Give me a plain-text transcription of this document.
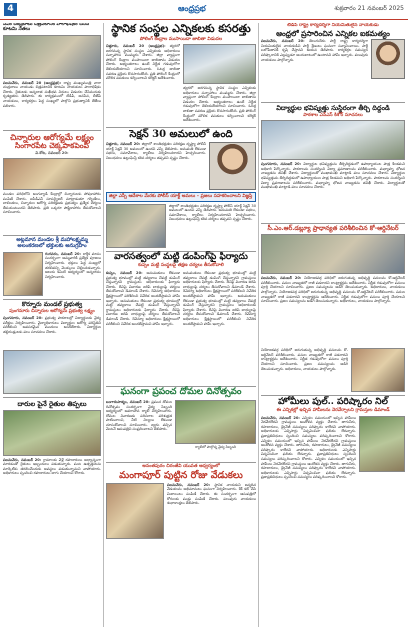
4	ఆంధ్రప్రభ	శుక్రవారం 21 నవంబర్ 2025
సీఎం చంద్రబాబు చిత్రపటానికి పాలాభిషేకం చేసిన కూటమి నేతలు
పలమనేరు, నవంబర్ 20 (ఆంధ్రప్రభ): రాష్ట్ర ముఖ్యమంత్రి నారా చంద్రబాబు నాయుడు చిత్రపటానికి కూటమి నాయకులు పాలాభిషేకం చేశారు. రైతులకు అన్నదాత సుఖీభవ నిధులు విడుదల చేసినందుకు కృతజ్ఞతలు తెలిపారు. ఈ కార్యక్రమంలో టీడీపీ, జనసేన, బీజేపీ నాయకులు, కార్యకర్తలు పెద్ద సంఖ్యలో పాల్గొని ప్రభుత్వానికి జేజేలు పలికారు.
చిన్నారుల ఆరోగ్యమే లక్ష్యం
సింగారపేట చెక్కపాకపెంపి
వి.కోట, నవంబర్ 20:
మండల పరిధిలోని అంగన్వాడీ కేంద్రాల్లో చిన్నారులకు పోషకాహారం పంపిణీ చేశారు. ఐసీడీఎస్ సూపర్వైజర్ మాట్లాడుతూ గర్భిణీలు, బాలింతలు, చిన్నారుల ఆరోగ్య పరిరక్షణకు ప్రభుత్వం ప్రత్యేక చర్యలు తీసుకుంటుందని తెలిపారు. ప్రతి ఒక్కరూ పౌష్టికాహారం తీసుకోవాలని సూచించారు.
అట్లమాన మండల శ్రీ మహాలక్ష్మమ్మ అలంకరణలో భక్తులకు అనుగ్రహం
గంగవరం, నవంబర్ 20: కార్తీక మాసం సందర్భంగా అమ్మవారికి ప్రత్యేక పూజలు నిర్వహించారు. భక్తులు పెద్ద సంఖ్యలో తరలివచ్చి మొక్కులు చెల్లించుకున్నారు. ఆలయ కమిటీ ఆధ్వర్యంలో అన్నదానం నిర్వహించారు.
కొర్నూరు మండల్ ప్రభుత్వ
పుంగనూరు చిన్నారుల ఆరోగ్యమే ప్రభుత్వ లక్ష్యం
పుంగనూరు, నవంబర్ 20: ప్రభుత్వ పాఠశాలల్లో విద్యార్థులకు వైద్య పరీక్షలు నిర్వహించారు. వైద్యాధికారులు విద్యార్థుల ఆరోగ్య పరిస్థితిని పరిశీలించి అవసరమైన మందులు అందజేశారు. విద్యార్థుల తల్లిదండ్రులకు పలు సూచనలు చేశారు.
దారుల పైనే రైతుల తిప్పలు
పలమనేరు, నవంబర్ 20: గ్రామాలకు వెళ్లే రహదారులు అధ్వాన్నంగా మారడంతో రైతులు ఇబ్బందులు పడుతున్నారు. పంట ఉత్పత్తులను మార్కెట్‌కు తరలించేందుకు అవస్థలు పడుతున్నామని వాపోయారు. అధికారులు స్పందించి రహదారులు బాగు చేయాలని కోరారు.
స్థానిక సంస్థల ఎన్నికలకు కసరత్తు
పోలింగ్ కేంద్రాల ముసాయిదా జాబితా విడుదల
చిత్తూరు, నవంబర్ 20 (ఆంధ్రప్రభ): త్వరలో జరగనున్న స్థానిక సంస్థల ఎన్నికలకు అధికారులు సన్నాహాలు ముమ్మరం చేశారు. జిల్లా వ్యాప్తంగా పోలింగ్ కేంద్రాల ముసాయిదా జాబితాను విడుదల చేశారు. అభ్యంతరాలు ఉంటే నిర్ణీత గడువులోగా తెలియజేయాలని సూచించారు. ఓటర్ల జాబితా సవరణ ప్రక్రియ కొనసాగుతోంది. ప్రతి పోలింగ్ కేంద్రంలో మౌలిక వసతులు కల్పించాలని కలెక్టర్ ఆదేశించారు.
త్వరలో జరగనున్న స్థానిక సంస్థల ఎన్నికలకు అధికారులు సన్నాహాలు ముమ్మరం చేశారు. జిల్లా వ్యాప్తంగా పోలింగ్ కేంద్రాల ముసాయిదా జాబితాను విడుదల చేశారు. అభ్యంతరాలు ఉంటే నిర్ణీత గడువులోగా తెలియజేయాలని సూచించారు. ఓటర్ల జాబితా సవరణ ప్రక్రియ కొనసాగుతోంది. ప్రతి పోలింగ్ కేంద్రంలో మౌలిక వసతులు కల్పించాలని కలెక్టర్ ఆదేశించారు.
సెక్షన్ 30 అమలులో ఉంది
చిత్తూరు, నవంబర్ 20: జిల్లాలో శాంతిభద్రతల పరిరక్షణ దృష్ట్యా పోలీస్ యాక్ట్ సెక్షన్ 30 అమలులో ఉందని ఎస్పీ తెలిపారు. అనుమతి లేకుండా సభలు, సమావేశాలు, ర్యాలీలు నిర్వహించరాదని హెచ్చరించారు. నిబంధనలు ఉల్లంఘిస్తే కఠిన చర్యలు తప్పవని స్పష్టం చేశారు.
జిల్లా ఎస్పీ ఆదేశాల మేరకు పోలీస్ యాక్ట్ అమలు – ప్రజలు సహకరించాలని విజ్ఞప్తి
జిల్లాలో శాంతిభద్రతల పరిరక్షణ దృష్ట్యా పోలీస్ యాక్ట్ సెక్షన్ 30 అమలులో ఉందని ఎస్పీ తెలిపారు. అనుమతి లేకుండా సభలు, సమావేశాలు, ర్యాలీలు నిర్వహించరాదని హెచ్చరించారు. నిబంధనలు ఉల్లంఘిస్తే కఠిన చర్యలు తప్పవని స్పష్టం చేశారు.
వారసత్వంలో మట్టి డంపింగ్‌పై ఫిర్యాదు
కుప్పం మట్టి సంస్థలపై తక్షణ చర్యలు తీసుకోవాలి
కుప్పం, నవంబర్ 20: అనుమతులు లేకుండా ప్రభుత్వ భూముల్లో మట్టి తవ్వకాలు చేపట్టి డంపింగ్ చేస్తున్నారని గ్రామస్తులు అధికారులకు ఫిర్యాదు చేశారు. దీనిపై విచారణ జరిపి బాధ్యులపై చర్యలు తీసుకోవాలని డిమాండ్ చేశారు. రెవెన్యూ అధికారులు క్షేత్రస్థాయిలో పరిశీలించి నివేదిక అందజేస్తామని హామీ ఇచ్చారు. అనుమతులు లేకుండా ప్రభుత్వ భూముల్లో మట్టి తవ్వకాలు చేపట్టి డంపింగ్ చేస్తున్నారని గ్రామస్తులు అధికారులకు ఫిర్యాదు చేశారు. దీనిపై విచారణ జరిపి బాధ్యులపై చర్యలు తీసుకోవాలని డిమాండ్ చేశారు. రెవెన్యూ అధికారులు క్షేత్రస్థాయిలో పరిశీలించి నివేదిక అందజేస్తామని హామీ ఇచ్చారు.
అనుమతులు లేకుండా ప్రభుత్వ భూముల్లో మట్టి తవ్వకాలు చేపట్టి డంపింగ్ చేస్తున్నారని గ్రామస్తులు అధికారులకు ఫిర్యాదు చేశారు. దీనిపై విచారణ జరిపి బాధ్యులపై చర్యలు తీసుకోవాలని డిమాండ్ చేశారు. రెవెన్యూ అధికారులు క్షేత్రస్థాయిలో పరిశీలించి నివేదిక అందజేస్తామని హామీ ఇచ్చారు. అనుమతులు లేకుండా ప్రభుత్వ భూముల్లో మట్టి తవ్వకాలు చేపట్టి డంపింగ్ చేస్తున్నారని గ్రామస్తులు అధికారులకు ఫిర్యాదు చేశారు. దీనిపై విచారణ జరిపి బాధ్యులపై చర్యలు తీసుకోవాలని డిమాండ్ చేశారు. రెవెన్యూ అధికారులు క్షేత్రస్థాయిలో పరిశీలించి నివేదిక అందజేస్తామని హామీ ఇచ్చారు.
ఘనంగా ప్రపంచ దోమల దినోత్సవం
బంగారుపాళ్యం, నవంబర్ 20: ప్రపంచ దోమల దినోత్సవం సందర్భంగా వైద్య సిబ్బంది ఆధ్వర్యంలో అవగాహన ర్యాలీ నిర్వహించారు. దోమల నివారణకు పరిసరాల పరిశుభ్రత పాటించాలని, నీటి నిల్వలు లేకుండా చూసుకోవాలని సూచించారు. జ్వరం వచ్చిన వెంటనే ఆసుపత్రిని సంప్రదించాలని తెలిపారు.
ర్యాలీలో పాల్గొన్న వైద్య సిబ్బంది
అనంతపురం చిరంజీవి యువత ఆధ్వర్యంలో
మంగాపూర్ పుట్టిన రోజు వేడుకలు
పలమనేరు, నవంబర్ 20: స్థానిక నాయకుని జన్మదిన వేడుకలను అభిమానులు ఘనంగా నిర్వహించారు. కేక్ కట్ చేసి మిఠాయిలు పంపిణీ చేశారు. ఈ సందర్భంగా ఆసుపత్రిలో రోగులకు పండ్లు పంపిణీ చేశారు. పలువురు నాయకులు శుభాకాంక్షలు తెలిపారు.
టీడీపీ రాష్ట్ర కార్యదర్శిగా నియమితులైన నాయకుడు
ఆంధ్రలో ప్రసారించిన ఎన్నికల ఐకమత్యం
పలమనేరు, నవంబర్ 20: తెలుగుదేశం పార్టీ రాష్ట్ర కార్యదర్శిగా నియమితులైన నాయకుడిని పార్టీ శ్రేణులు ఘనంగా సన్మానించాయి. పార్టీ బలోపేతానికి కృషి చేస్తానని ఆయన తెలిపారు. కార్యకర్తల సమస్యల పరిష్కారానికి ఎల్లప్పుడూ అందుబాటులో ఉంటానని హామీ ఇచ్చారు. పలువురు నాయకులు పాల్గొన్నారు.
విద్యార్థుల భవిష్యత్తు సుస్థిరంగా తీర్చి దిద్దండి
పాఠశాల ఎన్ఎస్ కిశోర్ సూచనలు
పుంగనూరు, నవంబర్ 20: విద్యార్థుల భవిష్యత్తును తీర్చిదిద్దడంలో ఉపాధ్యాయుల పాత్ర కీలకమని అధికారి పేర్కొన్నారు. పాఠశాలను సందర్శించి విద్యా ప్రమాణాలను పరిశీలించారు. మధ్యాహ్న భోజన నాణ్యతను తనిఖీ చేశారు. విద్యార్థులతో ముఖాముఖి మాట్లాడి పలు సూచనలు చేశారు. విద్యార్థుల భవిష్యత్తును తీర్చిదిద్దడంలో ఉపాధ్యాయుల పాత్ర కీలకమని అధికారి పేర్కొన్నారు. పాఠశాలను సందర్శించి విద్యా ప్రమాణాలను పరిశీలించారు. మధ్యాహ్న భోజన నాణ్యతను తనిఖీ చేశారు. విద్యార్థులతో ముఖాముఖి మాట్లాడి పలు సూచనలు చేశారు.
సీ.ఎం.ఆర్.డబ్ల్యూ ప్రాధాన్యత పరిశీలించిన కో-ఆర్డినేటర్
పలమనేరు, నవంబర్ 20: నియోజకవర్గ పరిధిలో జరుగుతున్న అభివృద్ధి పనులను కో-ఆర్డినేటర్ పరిశీలించారు. పనుల నాణ్యతలో రాజీ పడరాదని కాంట్రాక్టర్లను ఆదేశించారు. నిర్ణీత గడువులోగా పనులు పూర్తి చేయాలని సూచించారు. ప్రజల సమస్యలను అడిగి తెలుసుకున్నారు. అధికారులు, నాయకులు పాల్గొన్నారు. నియోజకవర్గ పరిధిలో జరుగుతున్న అభివృద్ధి పనులను కో-ఆర్డినేటర్ పరిశీలించారు. పనుల నాణ్యతలో రాజీ పడరాదని కాంట్రాక్టర్లను ఆదేశించారు. నిర్ణీత గడువులోగా పనులు పూర్తి చేయాలని సూచించారు. ప్రజల సమస్యలను అడిగి తెలుసుకున్నారు. అధికారులు, నాయకులు పాల్గొన్నారు.
నియోజకవర్గ పరిధిలో జరుగుతున్న అభివృద్ధి పనులను కో-ఆర్డినేటర్ పరిశీలించారు. పనుల నాణ్యతలో రాజీ పడరాదని కాంట్రాక్టర్లను ఆదేశించారు. నిర్ణీత గడువులోగా పనులు పూర్తి చేయాలని సూచించారు. ప్రజల సమస్యలను అడిగి తెలుసుకున్నారు. అధికారులు, నాయకులు పాల్గొన్నారు.
హోమీలు పుల్.. పరిష్కారం నిల్
ఈ ఎన్నికల్లో ఇచ్చిన హామీలను నెరవేర్చాలని గ్రామస్తుల డిమాండ్
పలమనేరు, నవంబర్ 20: ఎన్నికల సమయంలో ఇచ్చిన హామీలు నెరవేరలేదని గ్రామస్తులు ఆందోళన వ్యక్తం చేశారు. తాగునీరు, రహదారులు, డ్రైనేజీ సమస్యలు పరిష్కారం కాలేదని వాపోయారు. అధికారులకు ఎన్నిసార్లు విన్నవించినా ఫలితం లేదన్నారు. ప్రజాప్రతినిధులు స్పందించి సమస్యలు పరిష్కరించాలని కోరారు. ఎన్నికల సమయంలో ఇచ్చిన హామీలు నెరవేరలేదని గ్రామస్తులు ఆందోళన వ్యక్తం చేశారు. తాగునీరు, రహదారులు, డ్రైనేజీ సమస్యలు పరిష్కారం కాలేదని వాపోయారు. అధికారులకు ఎన్నిసార్లు విన్నవించినా ఫలితం లేదన్నారు. ప్రజాప్రతినిధులు స్పందించి సమస్యలు పరిష్కరించాలని కోరారు. ఎన్నికల సమయంలో ఇచ్చిన హామీలు నెరవేరలేదని గ్రామస్తులు ఆందోళన వ్యక్తం చేశారు. తాగునీరు, రహదారులు, డ్రైనేజీ సమస్యలు పరిష్కారం కాలేదని వాపోయారు. అధికారులకు ఎన్నిసార్లు విన్నవించినా ఫలితం లేదన్నారు. ప్రజాప్రతినిధులు స్పందించి సమస్యలు పరిష్కరించాలని కోరారు.
